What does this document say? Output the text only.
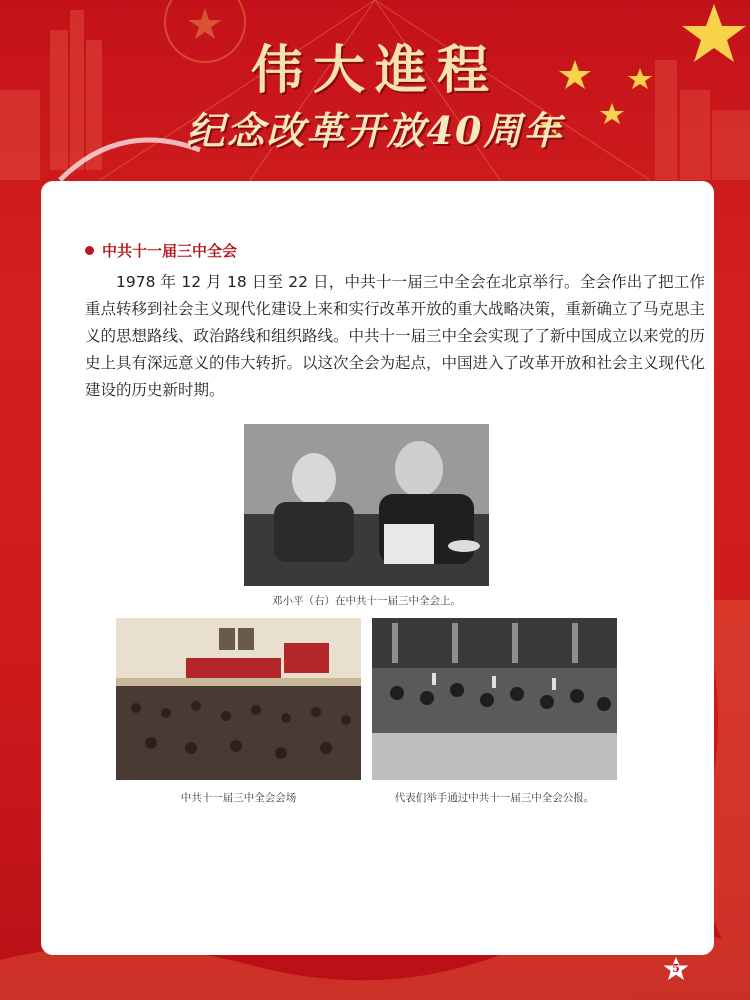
伟大進程
纪念改革开放40周年
中共十一届三中全会
1978 年 12 月 18 日至 22 日，中共十一届三中全会在北京举行。全会作出了把工作重点转移到社会主义现代化建设上来和实行改革开放的重大战略决策，重新确立了马克思主义的思想路线、政治路线和组织路线。中共十一届三中全会实现了了新中国成立以来党的历史上具有深远意义的伟大转折。以这次全会为起点，中国进入了改革开放和社会主义现代化建设的历史新时期。
邓小平（右）在中共十一届三中全会上。
中共十一届三中全会会场	代表们举手通过中共十一届三中全会公报。
5
